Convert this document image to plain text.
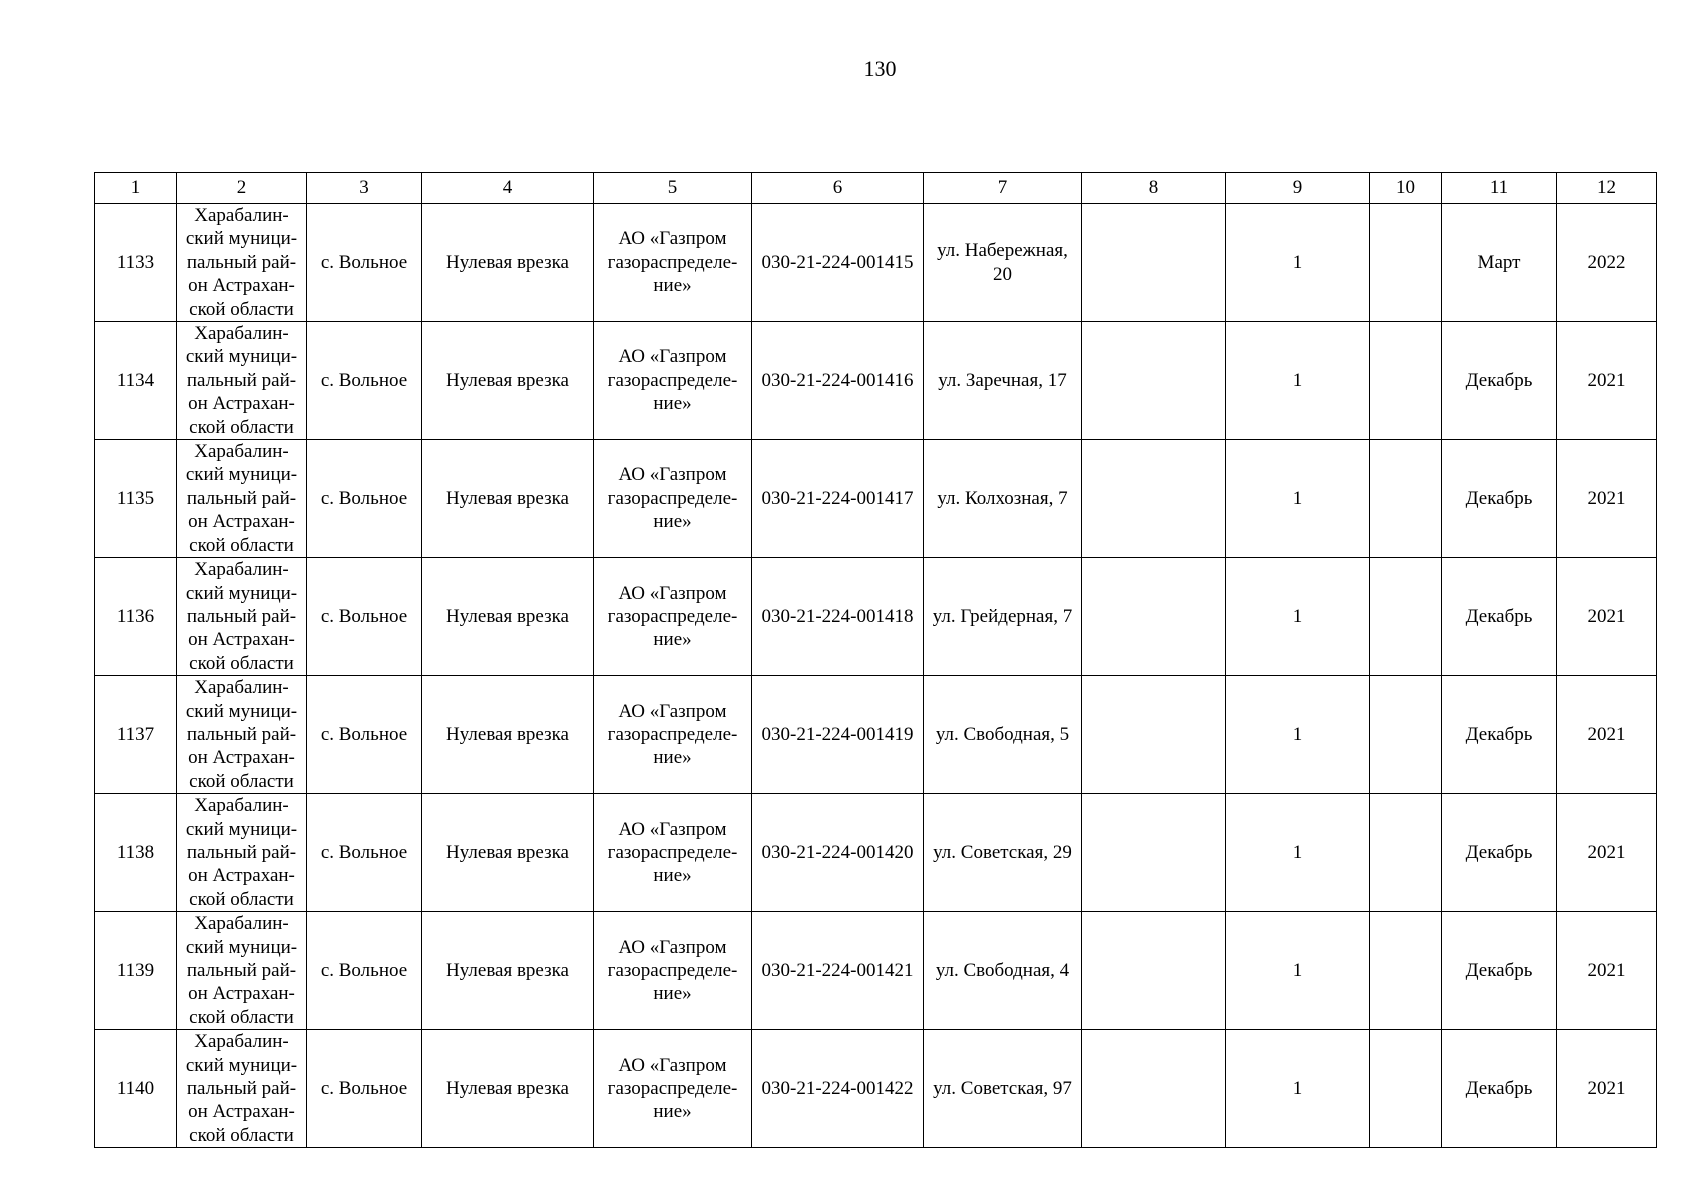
130
1	2	3	4	5	6	7	8	9	10	11	12
1133	Харабалин-
ский муници-
пальный рай-
он Астрахан-
ской области	с. Вольное	Нулевая врезка	АО «Газпром
газораспределе-
ние»	030-21-224-001415	ул. Набережная,
20		1		Март	2022
1134	Харабалин-
ский муници-
пальный рай-
он Астрахан-
ской области	с. Вольное	Нулевая врезка	АО «Газпром
газораспределе-
ние»	030-21-224-001416	ул. Заречная, 17		1		Декабрь	2021
1135	Харабалин-
ский муници-
пальный рай-
он Астрахан-
ской области	с. Вольное	Нулевая врезка	АО «Газпром
газораспределе-
ние»	030-21-224-001417	ул. Колхозная, 7		1		Декабрь	2021
1136	Харабалин-
ский муници-
пальный рай-
он Астрахан-
ской области	с. Вольное	Нулевая врезка	АО «Газпром
газораспределе-
ние»	030-21-224-001418	ул. Грейдерная, 7		1		Декабрь	2021
1137	Харабалин-
ский муници-
пальный рай-
он Астрахан-
ской области	с. Вольное	Нулевая врезка	АО «Газпром
газораспределе-
ние»	030-21-224-001419	ул. Свободная, 5		1		Декабрь	2021
1138	Харабалин-
ский муници-
пальный рай-
он Астрахан-
ской области	с. Вольное	Нулевая врезка	АО «Газпром
газораспределе-
ние»	030-21-224-001420	ул. Советская, 29		1		Декабрь	2021
1139	Харабалин-
ский муници-
пальный рай-
он Астрахан-
ской области	с. Вольное	Нулевая врезка	АО «Газпром
газораспределе-
ние»	030-21-224-001421	ул. Свободная, 4		1		Декабрь	2021
1140	Харабалин-
ский муници-
пальный рай-
он Астрахан-
ской области	с. Вольное	Нулевая врезка	АО «Газпром
газораспределе-
ние»	030-21-224-001422	ул. Советская, 97		1		Декабрь	2021
